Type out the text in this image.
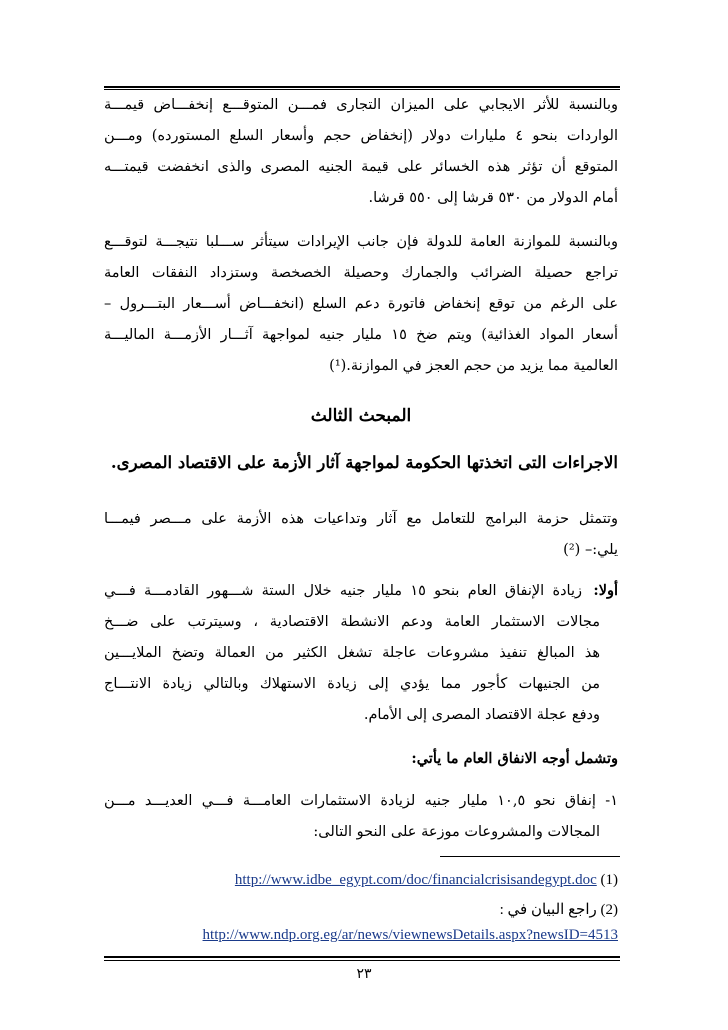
وبالنسبة للأثر الايجابي على الميزان التجارى فمـــن المتوقـــع إنخفـــاض قيمـــة
الواردات بنحو ٤ مليارات دولار (إنخفاض حجم وأسعار السلع المستورده) ومـــن
المتوقع أن تؤثر هذه الخسائر على قيمة الجنيه المصرى والذى انخفضت قيمتـــه
أمام الدولار من ٥٣٠ قرشا إلى ٥٥٠ قرشا.
وبالنسبة للموازنة العامة للدولة فإن جانب الإيرادات سيتأثر ســـلبا نتيجـــة لتوقـــع
تراجع حصيلة الضرائب والجمارك وحصيلة الخصخصة وستزداد النفقات العامة
على الرغم من توقع إنخفاض فاتورة دعم السلع (انخفـــاض أســـعار البتـــرول –
أسعار المواد الغذائية) ويتم ضخ ١٥ مليار جنيه لمواجهة آثـــار الأزمـــة الماليـــة
العالمية مما يزيد من حجم العجز في الموازنة.(¹)
المبحث الثالث
الاجراءات التى اتخذتها الحكومة لمواجهة آثار الأزمة على الاقتصاد المصرى.
وتتمثل حزمة البرامج للتعامل مع آثار وتداعيات هذه الأزمة على مـــصر فيمـــا
يلي:– (²)
أولا:
زيادة الإنفاق العام بنحو ١٥ مليار جنيه خلال الستة شـــهور القادمـــة فـــي
مجالات الاستثمار العامة ودعم الانشطة الاقتصادية ، وسيترتب على ضـــخ
هذ المبالغ تنفيذ مشروعات عاجلة تشغل الكثير من العمالة وتضخ الملايـــين
من الجنيهات كأجور مما يؤدي إلى زيادة الاستهلاك وبالتالي زيادة الانتـــاج
ودفع عجلة الاقتصاد المصرى إلى الأمام.
وتشمل أوجه الانفاق العام ما يأتي:
١- إنفاق نحو ١٠,٥ مليار جنيه لزيادة الاستثمارات العامـــة فـــي العديـــد مـــن
المجالات والمشروعات موزعة على النحو التالى:
(1) http://www.idbe_egypt.com/doc/financialcrisisandegypt.doc
(2) راجع البيان في :
http://www.ndp.org.eg/ar/news/viewnewsDetails.aspx?newsID=4513
٢٣
